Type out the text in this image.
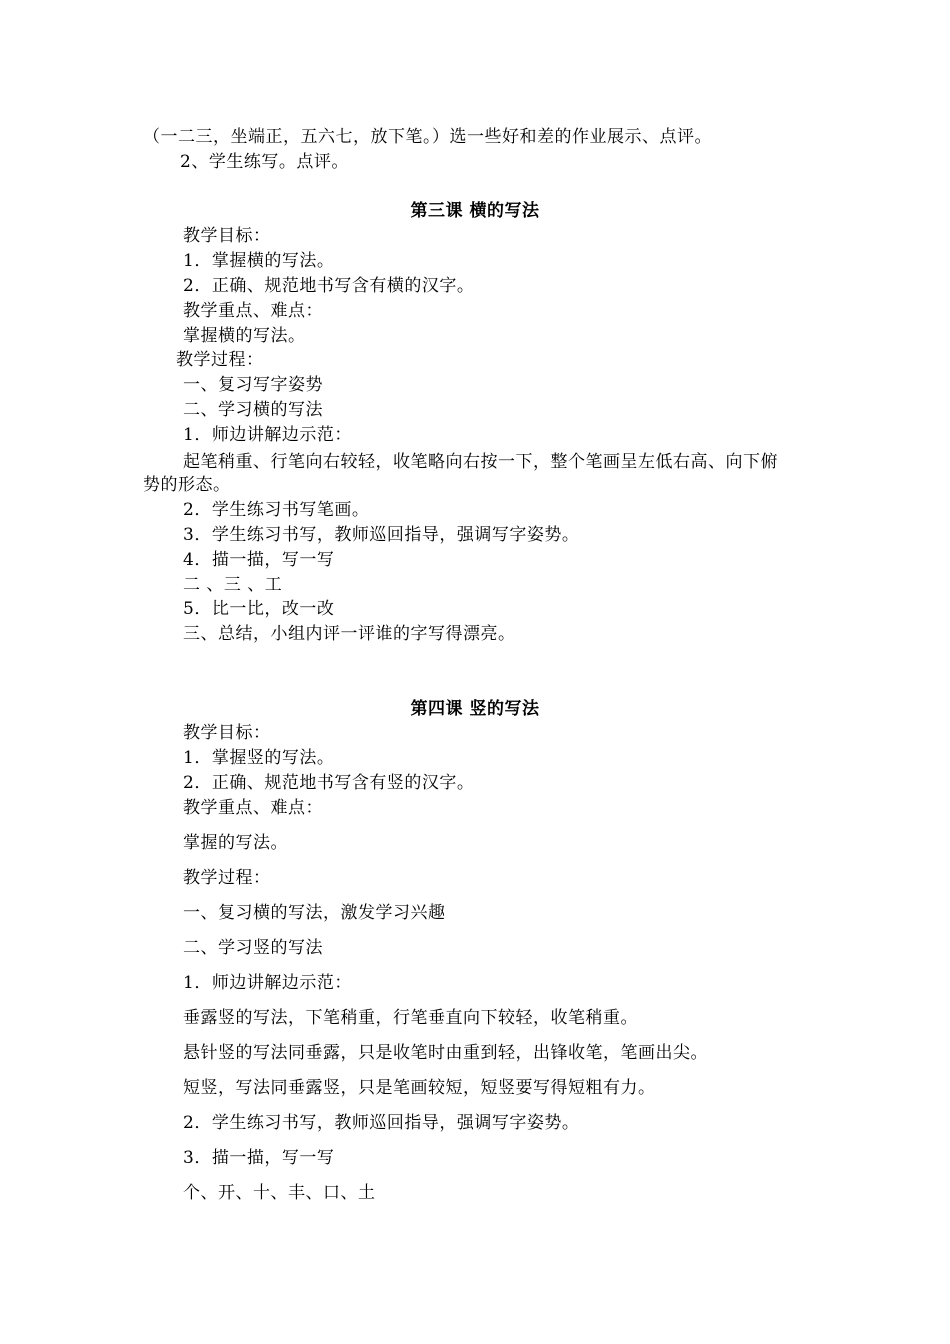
（一二三，坐端正，五六七，放下笔。）选一些好和差的作业展示、点评。
2、学生练写。点评。
第三课 横的写法
教学目标：
1．掌握横的写法。
2．正确、规范地书写含有横的汉字。
教学重点、难点：
掌握横的写法。
教学过程：
一、复习写字姿势
二、学习横的写法
1．师边讲解边示范：
起笔稍重、行笔向右较轻，收笔略向右按一下，整个笔画呈左低右高、向下俯
势的形态。
2．学生练习书写笔画。
3．学生练习书写，教师巡回指导，强调写字姿势。
4．描一描，写一写
二 、三 、工
5．比一比，改一改
三、总结，小组内评一评谁的字写得漂亮。
第四课 竖的写法
教学目标：
1．掌握竖的写法。
2．正确、规范地书写含有竖的汉字。
教学重点、难点：
掌握的写法。
教学过程：
一、复习横的写法，激发学习兴趣
二、学习竖的写法
1．师边讲解边示范：
垂露竖的写法，下笔稍重，行笔垂直向下较轻，收笔稍重。
悬针竖的写法同垂露，只是收笔时由重到轻，出锋收笔，笔画出尖。
短竖，写法同垂露竖，只是笔画较短，短竖要写得短粗有力。
2．学生练习书写，教师巡回指导，强调写字姿势。
3．描一描，写一写
个、开、十、丰、口、土
